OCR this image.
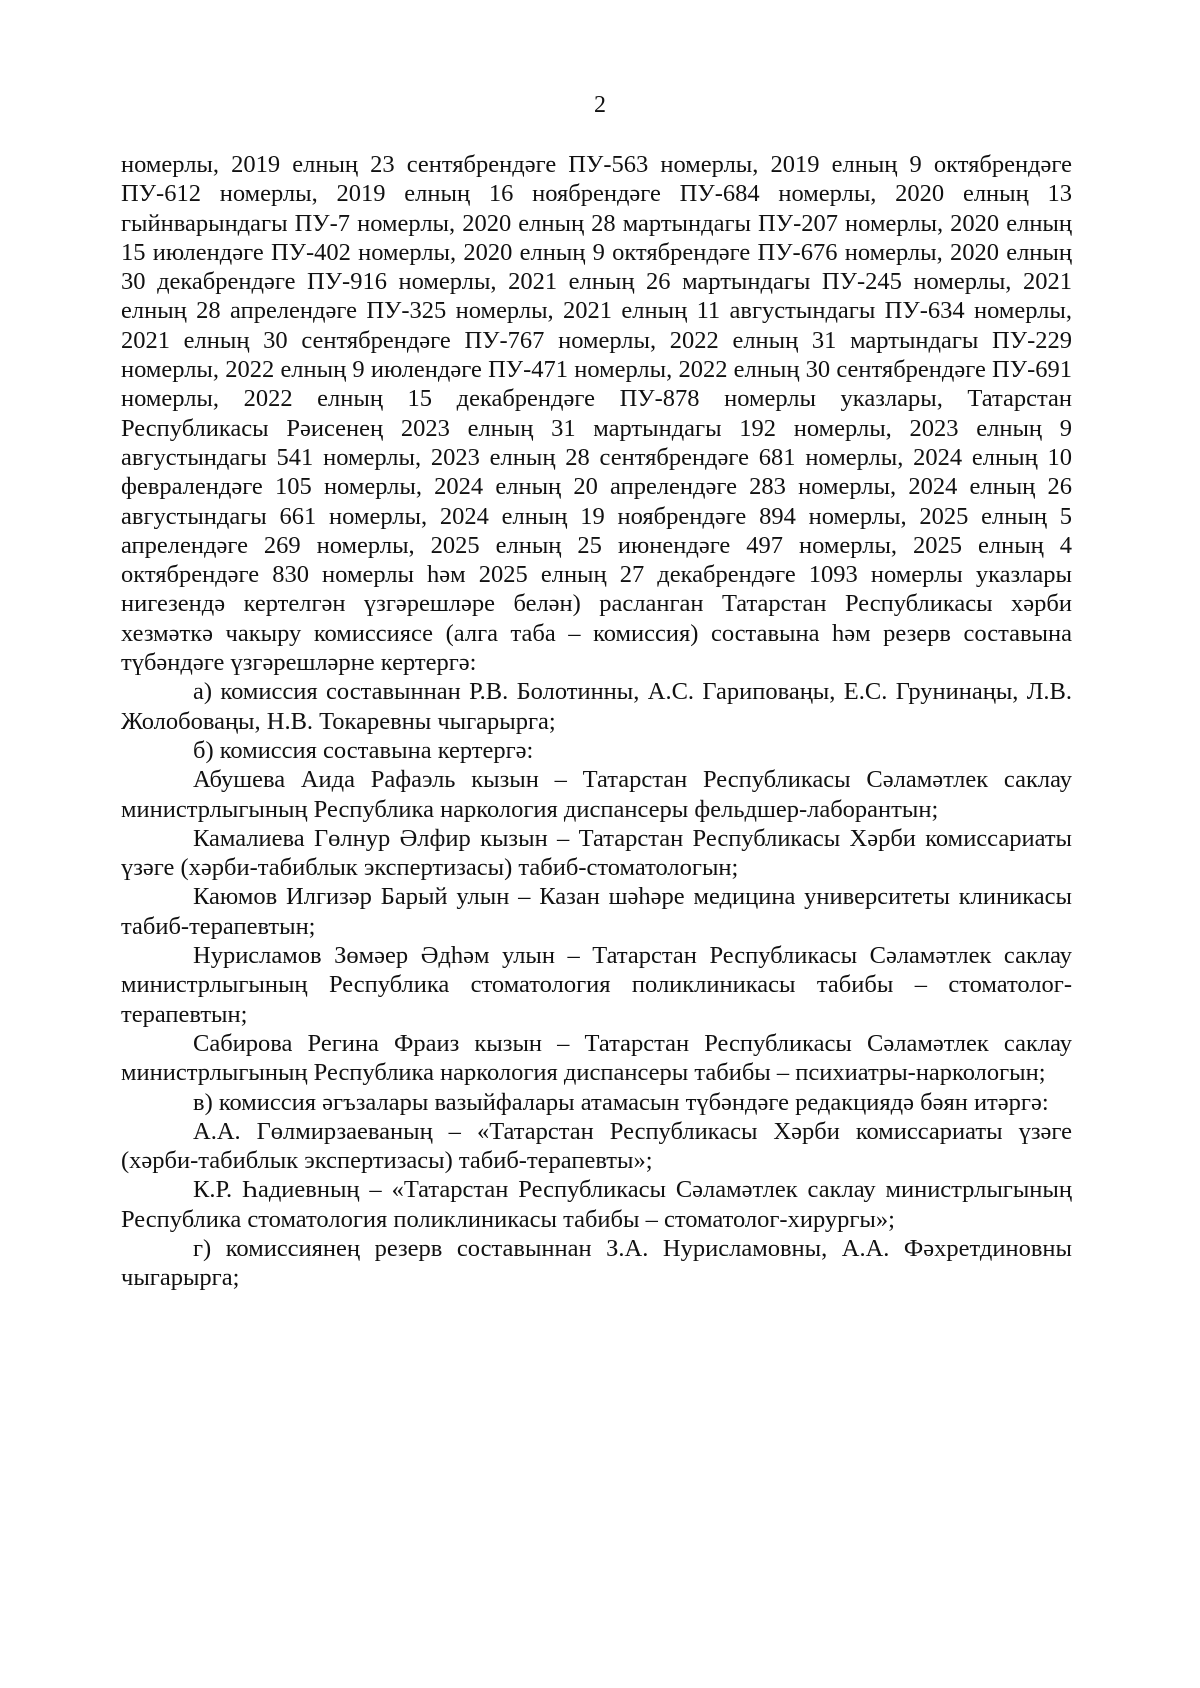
2

номерлы, 2019 елның 23 сентябрендәге ПУ-563 номерлы, 2019 елның 9 октябрендәге ПУ-612 номерлы, 2019 елның 16 ноябрендәге ПУ-684 номерлы, 2020 елның 13 гыйнварындагы ПУ-7 номерлы, 2020 елның 28 мартындагы ПУ-207 номерлы, 2020 елның 15 июлендәге ПУ-402 номерлы, 2020 елның 9 октябрендәге ПУ-676 номерлы, 2020 елның 30 декабрендәге ПУ-916 номерлы, 2021 елның 26 мартындагы ПУ-245 номерлы, 2021 елның 28 апрелендәге ПУ-325 номерлы, 2021 елның 11 августындагы ПУ-634 номерлы, 2021 елның 30 сентябрендәге ПУ-767 номерлы, 2022 елның 31 мартындагы ПУ-229 номерлы, 2022 елның 9 июлендәге ПУ-471 номерлы, 2022 елның 30 сентябрендәге ПУ-691 номерлы, 2022 елның 15 декабрендәге ПУ-878 номерлы указлары, Татарстан Республикасы Рәисенең 2023 елның 31 мартындагы 192 номерлы, 2023 елның 9 августындагы 541 номерлы, 2023 елның 28 сентябрендәге 681 номерлы, 2024 елның 10 февралендәге 105 номерлы, 2024 елның 20 апрелендәге 283 номерлы, 2024 елның 26 августындагы 661 номерлы, 2024 елның 19 ноябрендәге 894 номерлы, 2025 елның 5 апрелендәге 269 номерлы, 2025 елның 25 июнендәге 497 номерлы, 2025 елның 4 октябрендәге 830 номерлы һәм 2025 елның 27 декабрендәге 1093 номерлы указлары нигезендә кертелгән үзгәрешләре белән) расланган Татарстан Республикасы хәрби хезмәткә чакыру комиссиясе (алга таба – комиссия) составына һәм резерв составына түбәндәге үзгәрешләрне кертергә:

а) комиссия составыннан Р.В. Болотинны, А.С. Гариповаңы, Е.С. Грунинаңы, Л.В. Жолобоваңы, Н.В. Токаревны чыгарырга;

б) комиссия составына кертергә:

Абушева Аида Рафаэль кызын – Татарстан Республикасы Сәламәтлек саклау министрлыгының Республика наркология диспансеры фельдшер-лаборантын;

Камалиева Гөлнур Әлфир кызын – Татарстан Республикасы Хәрби комиссариаты үзәге (хәрби-табиблык экспертизасы) табиб-стоматологын;

Каюмов Илгизәр Барый улын – Казан шәһәре медицина университеты клиникасы табиб-терапевтын;

Нурисламов Зөмәер Әдһәм улын – Татарстан Республикасы Сәламәтлек саклау министрлыгының Республика стоматология поликлиникасы табибы – стоматолог-терапевтын;

Сабирова Регина Фраиз кызын – Татарстан Республикасы Сәламәтлек саклау министрлыгының Республика наркология диспансеры табибы – психиатры-наркологын;

в) комиссия әгъзалары вазыйфалары атамасын түбәндәге редакциядә бәян итәргә:

А.А. Гөлмирзаеваның – «Татарстан Республикасы Хәрби комиссариаты үзәге (хәрби-табиблык экспертизасы) табиб-терапевты»;

К.Р. Һадиевның – «Татарстан Республикасы Сәламәтлек саклау министрлыгының Республика стоматология поликлиникасы табибы – стоматолог-хирургы»;

г) комиссиянең резерв составыннан З.А. Нурисламовны, А.А. Фәхретдиновны чыгарырга;
